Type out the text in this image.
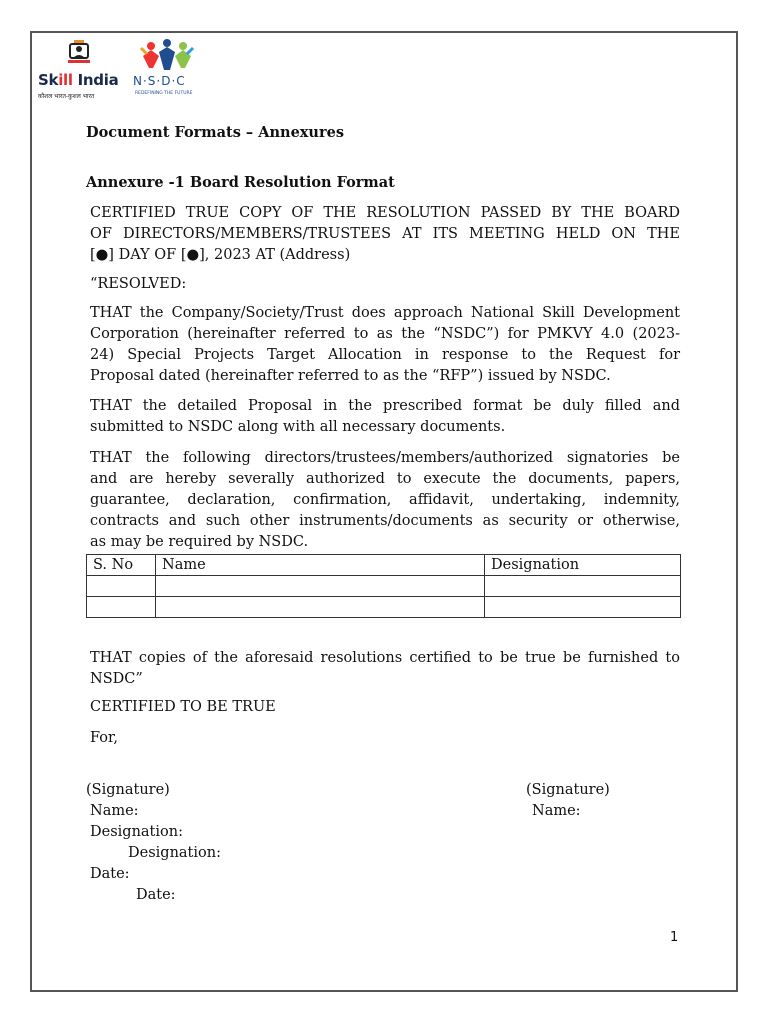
Skill India
कौशल भारत-कुशल भारत
N·S·D·C
REDEFINING THE FUTURE
Document Formats – Annexures
Annexure -1 Board Resolution Format
CERTIFIED TRUE COPY OF THE RESOLUTION PASSED BY THE BOARD
OF DIRECTORS/MEMBERS/TRUSTEES AT ITS MEETING HELD ON THE
[●] DAY OF [●], 2023 AT (Address)
“RESOLVED:
THAT the Company/Society/Trust does approach National Skill Development
Corporation (hereinafter referred to as the “NSDC”) for PMKVY 4.0 (2023-
24) Special Projects Target Allocation in response to the Request for
Proposal dated (hereinafter referred to as the “RFP”) issued by NSDC.
THAT the detailed Proposal in the prescribed format be duly filled and
submitted to NSDC along with all necessary documents.
THAT the following directors/trustees/members/authorized signatories be
and are hereby severally authorized to execute the documents, papers,
guarantee, declaration, confirmation, affidavit, undertaking, indemnity,
contracts and such other instruments/documents as security or otherwise,
as may be required by NSDC.
S. No	Name	Designation

THAT copies of the aforesaid resolutions certified to be true be furnished to
NSDC”
CERTIFIED TO BE TRUE
For,
(Signature)	(Signature)
Name:	Name:
Designation:
Designation:
Date:
Date:
1
